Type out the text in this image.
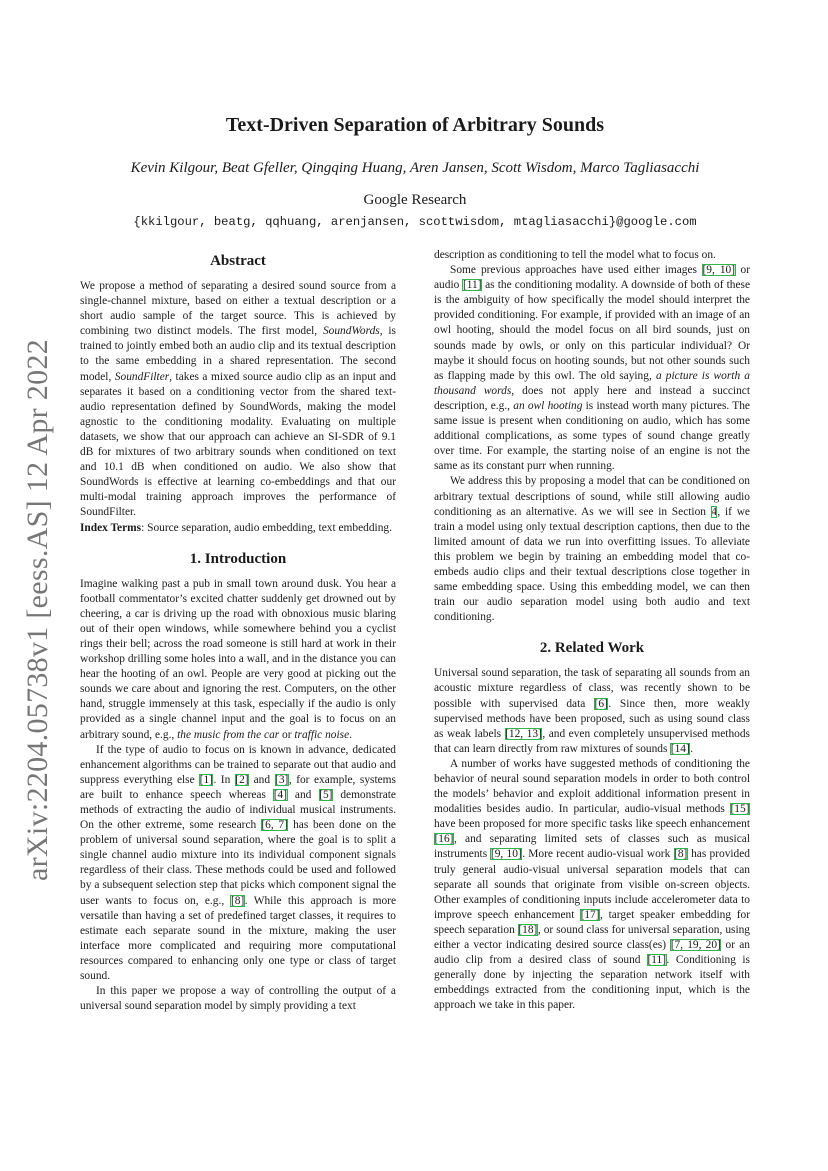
arXiv:2204.05738v1 [eess.AS] 12 Apr 2022
Text-Driven Separation of Arbitrary Sounds
Kevin Kilgour, Beat Gfeller, Qingqing Huang, Aren Jansen, Scott Wisdom, Marco Tagliasacchi
Google Research
{kkilgour, beatg, qqhuang, arenjansen, scottwisdom, mtagliasacchi}@google.com
Abstract

We propose a method of separating a desired sound source from a single-channel mixture, based on either a textual description or a short audio sample of the target source. This is achieved by combining two distinct models. The first model, SoundWords, is trained to jointly embed both an audio clip and its textual description to the same embedding in a shared representation. The second model, SoundFilter, takes a mixed source audio clip as an input and separates it based on a conditioning vector from the shared text-audio representation defined by SoundWords, making the model agnostic to the conditioning modality. Evaluating on multiple datasets, we show that our approach can achieve an SI-SDR of 9.1 dB for mixtures of two arbitrary sounds when conditioned on text and 10.1 dB when conditioned on audio. We also show that SoundWords is effective at learning co-embeddings and that our multi-modal training approach improves the performance of SoundFilter.

Index Terms: Source separation, audio embedding, text embedding.

1. Introduction

Imagine walking past a pub in small town around dusk. You hear a football commentator’s excited chatter suddenly get drowned out by cheering, a car is driving up the road with obnoxious music blaring out of their open windows, while somewhere behind you a cyclist rings their bell; across the road someone is still hard at work in their workshop drilling some holes into a wall, and in the distance you can hear the hooting of an owl. People are very good at picking out the sounds we care about and ignoring the rest. Computers, on the other hand, struggle immensely at this task, especially if the audio is only provided as a single channel input and the goal is to focus on an arbitrary sound, e.g., the music from the car or traffic noise.

If the type of audio to focus on is known in advance, dedicated enhancement algorithms can be trained to separate out that audio and suppress everything else [1]. In [2] and [3], for example, systems are built to enhance speech whereas [4] and [5] demonstrate methods of extracting the audio of individual musical instruments. On the other extreme, some research [6, 7] has been done on the problem of universal sound separation, where the goal is to split a single channel audio mixture into its individual component signals regardless of their class. These methods could be used and followed by a subsequent selection step that picks which component signal the user wants to focus on, e.g., [8]. While this approach is more versatile than having a set of predefined target classes, it requires to estimate each separate sound in the mixture, making the user interface more complicated and requiring more computational resources compared to enhancing only one type or class of target sound.

In this paper we propose a way of controlling the output of a universal sound separation model by simply providing a text

description as conditioning to tell the model what to focus on.

Some previous approaches have used either images [9, 10] or audio [11] as the conditioning modality. A downside of both of these is the ambiguity of how specifically the model should interpret the provided conditioning. For example, if provided with an image of an owl hooting, should the model focus on all bird sounds, just on sounds made by owls, or only on this particular individual? Or maybe it should focus on hooting sounds, but not other sounds such as flapping made by this owl. The old saying, a picture is worth a thousand words, does not apply here and instead a succinct description, e.g., an owl hooting is instead worth many pictures. The same issue is present when conditioning on audio, which has some additional complications, as some types of sound change greatly over time. For example, the starting noise of an engine is not the same as its constant purr when running.

We address this by proposing a model that can be conditioned on arbitrary textual descriptions of sound, while still allowing audio conditioning as an alternative. As we will see in Section 4, if we train a model using only textual description captions, then due to the limited amount of data we run into overfitting issues. To alleviate this problem we begin by training an embedding model that co-embeds audio clips and their textual descriptions close together in same embedding space. Using this embedding model, we can then train our audio separation model using both audio and text conditioning.

2. Related Work

Universal sound separation, the task of separating all sounds from an acoustic mixture regardless of class, was recently shown to be possible with supervised data [6]. Since then, more weakly supervised methods have been proposed, such as using sound class as weak labels [12, 13], and even completely unsupervised methods that can learn directly from raw mixtures of sounds [14].

A number of works have suggested methods of conditioning the behavior of neural sound separation models in order to both control the models’ behavior and exploit additional information present in modalities besides audio. In particular, audio-visual methods [15] have been proposed for more specific tasks like speech enhancement [16], and separating limited sets of classes such as musical instruments [9, 10]. More recent audio-visual work [8] has provided truly general audio-visual universal separation models that can separate all sounds that originate from visible on-screen objects. Other examples of conditioning inputs include accelerometer data to improve speech enhancement [17], target speaker embedding for speech separation [18], or sound class for universal separation, using either a vector indicating desired source class(es) [7, 19, 20] or an audio clip from a desired class of sound [11]. Conditioning is generally done by injecting the separation network itself with embeddings extracted from the conditioning input, which is the approach we take in this paper.
